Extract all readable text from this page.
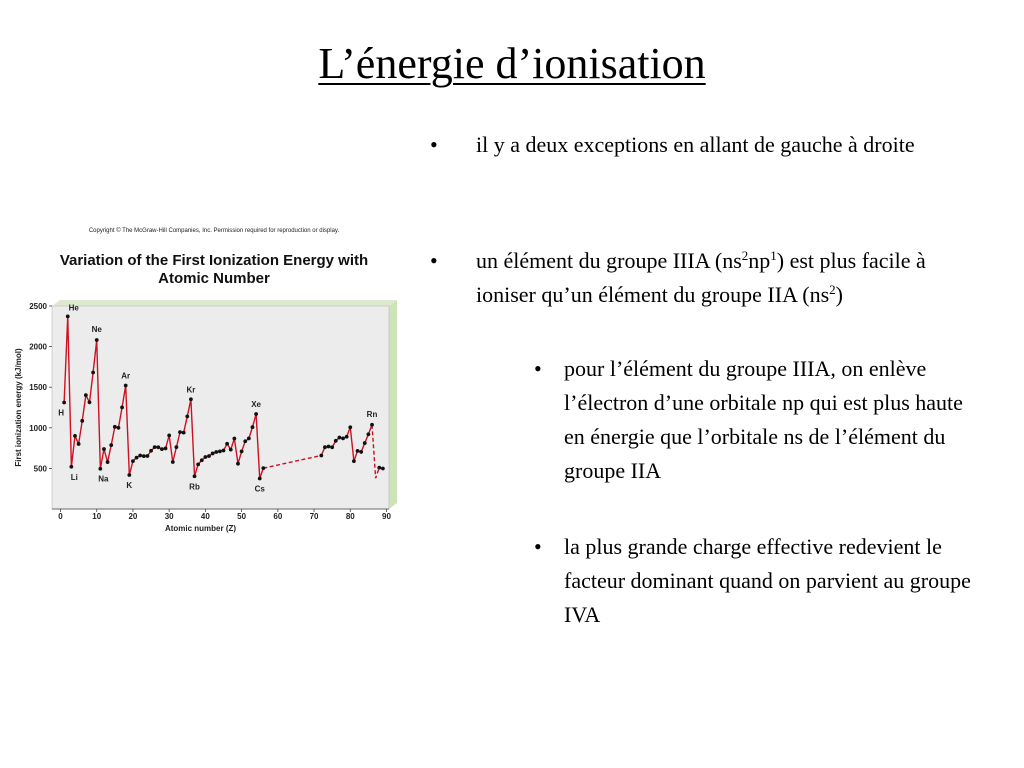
L’énergie d’ionisation
500
1000
1500
2000
2500
0	10	20	30	40	50	60	70	80	90
Atomic number (Z)
First ionization energy (kJ/mol)
He
H
Li
Ne
Na
Ar
K
Kr
Rb
Xe
Cs
Rn
Copyright © The McGraw-Hill Companies, Inc. Permission required for reproduction or display.
Variation of the First Ionization Energy with
Atomic Number
•	il y a deux exceptions en allant de gauche à droite
•	un élément du groupe IIIA $(ns^2np^1)$ est plus facile à ioniser qu’un élément du groupe IIA $(ns^2)$
•	pour l’élément du groupe IIIA, on enlève l’électron d’une orbitale np qui est plus haute en énergie que l’orbitale ns de l’élément du groupe IIA
•	la plus grande charge effective redevient le facteur dominant quand on parvient au groupe IVA
